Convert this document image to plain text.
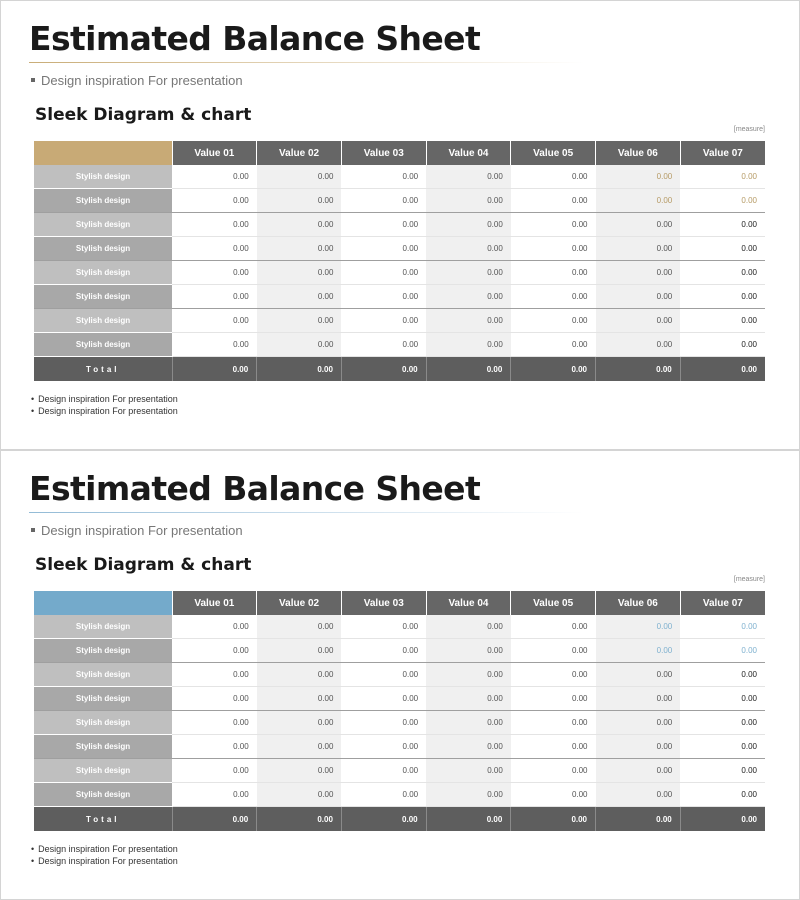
Estimated Balance Sheet
Design inspiration For presentation
Sleek Diagram & chart
[measure]
	Value 01	Value 02	Value 03	Value 04	Value 05	Value 06	Value 07
Stylish design	0.00	0.00	0.00	0.00	0.00	0.00	0.00
Stylish design	0.00	0.00	0.00	0.00	0.00	0.00	0.00
Stylish design	0.00	0.00	0.00	0.00	0.00	0.00	0.00
Stylish design	0.00	0.00	0.00	0.00	0.00	0.00	0.00
Stylish design	0.00	0.00	0.00	0.00	0.00	0.00	0.00
Stylish design	0.00	0.00	0.00	0.00	0.00	0.00	0.00
Stylish design	0.00	0.00	0.00	0.00	0.00	0.00	0.00
Stylish design	0.00	0.00	0.00	0.00	0.00	0.00	0.00
Total	0.00	0.00	0.00	0.00	0.00	0.00	0.00
• Design inspiration For presentation
• Design inspiration For presentation
Estimated Balance Sheet
Design inspiration For presentation
Sleek Diagram & chart
[measure]
	Value 01	Value 02	Value 03	Value 04	Value 05	Value 06	Value 07
Stylish design	0.00	0.00	0.00	0.00	0.00	0.00	0.00
Stylish design	0.00	0.00	0.00	0.00	0.00	0.00	0.00
Stylish design	0.00	0.00	0.00	0.00	0.00	0.00	0.00
Stylish design	0.00	0.00	0.00	0.00	0.00	0.00	0.00
Stylish design	0.00	0.00	0.00	0.00	0.00	0.00	0.00
Stylish design	0.00	0.00	0.00	0.00	0.00	0.00	0.00
Stylish design	0.00	0.00	0.00	0.00	0.00	0.00	0.00
Stylish design	0.00	0.00	0.00	0.00	0.00	0.00	0.00
Total	0.00	0.00	0.00	0.00	0.00	0.00	0.00
• Design inspiration For presentation
• Design inspiration For presentation
